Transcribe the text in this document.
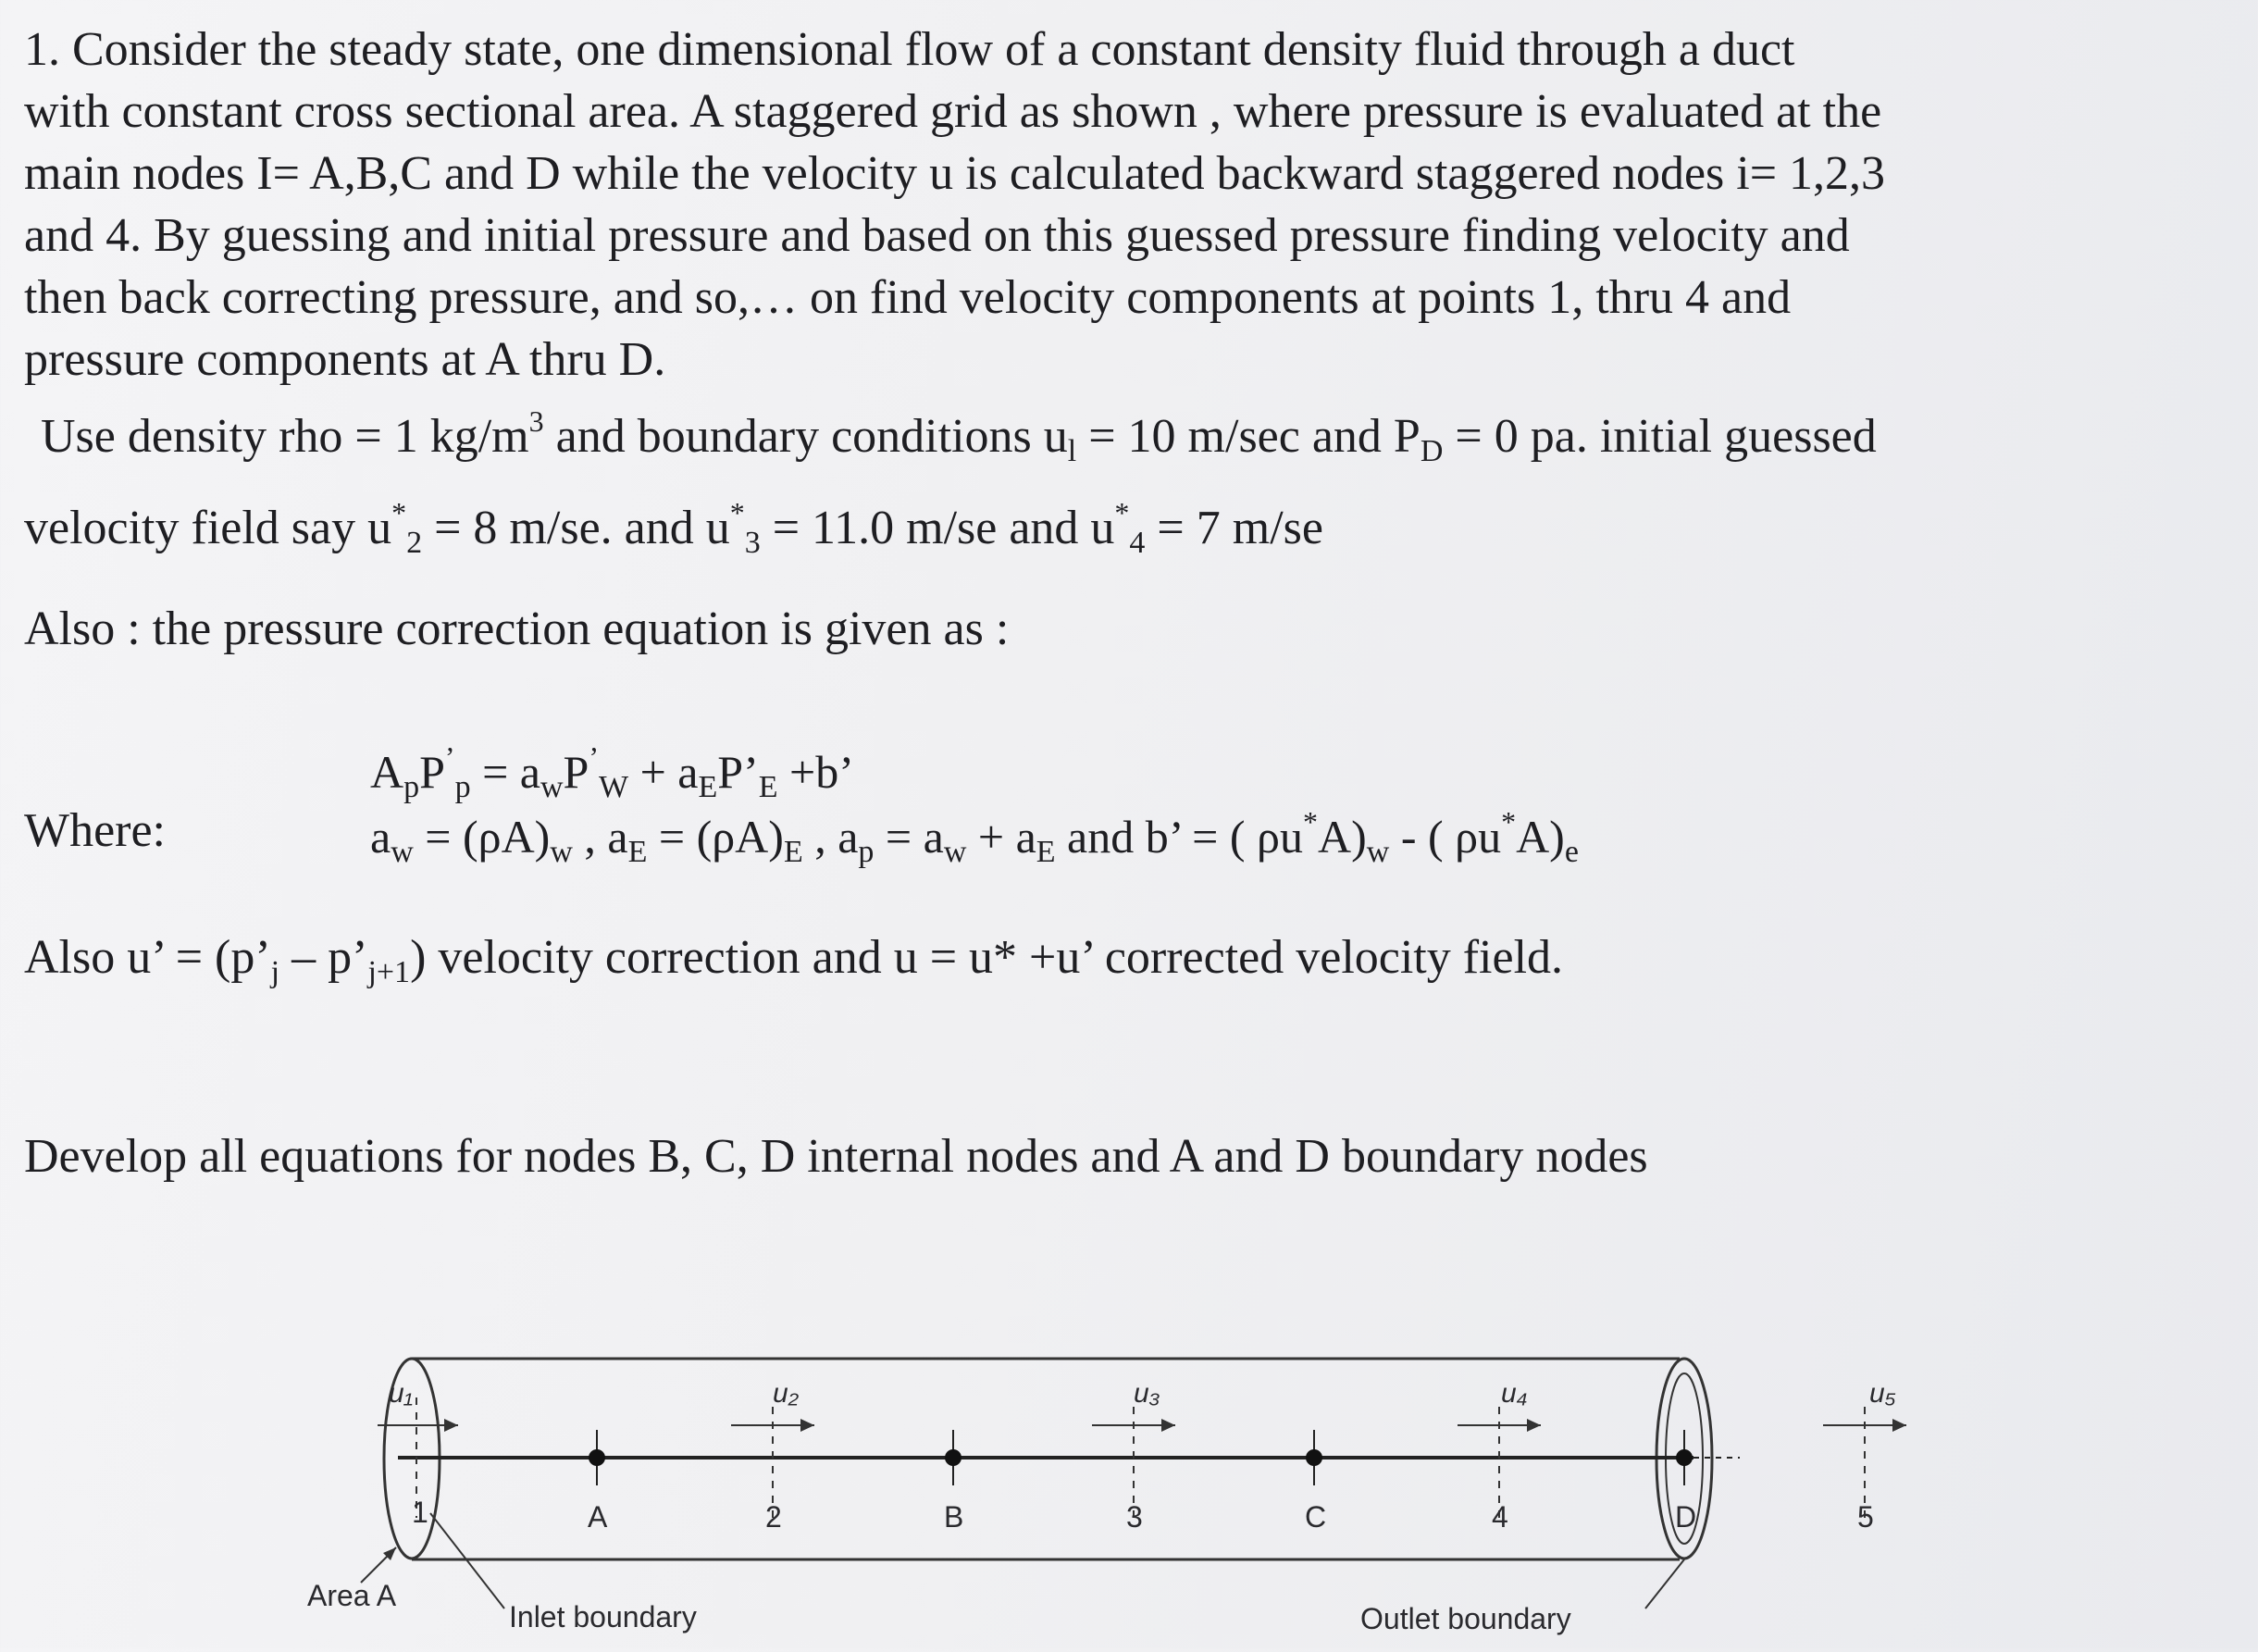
1. Consider the steady state, one dimensional flow of a constant density fluid through a duct

with constant cross sectional area. A staggered grid as shown , where pressure is evaluated at the

main nodes I= A,B,C and D while the velocity u is calculated backward staggered nodes i= 1,2,3

and 4. By guessing and initial pressure and based on this guessed pressure finding velocity and

then back correcting pressure, and so,… on find velocity components at points 1, thru 4 and

pressure components at A thru D.

Use density rho = 1 $kg/m^3$ and boundary conditions $u_l = 10$ m/sec and $P_D = 0$ pa. initial guessed

velocity field say $u^*_2 = 8$ m/se. and $u^*_3 = 11.0$ m/se and $u^*_4 = 7$ m/se

Also : the pressure correction equation is given as :
Where:
$A_pP^’_p = a_wP^’_W$ + $a_EP’_E +b$’
$a_w = (\rho A)_w$ , $a_E = (\rho A)_E$ , $a_p = a_w + a_E$ and b’ = ( $\rho u^*A)_w$ - ( $\rho u^*A)_e$
Also u’ = ($p’_j$ – $p’_{j+1}$) velocity correction and u = u* +u’ corrected velocity field.
Develop all equations for nodes B, C, D internal nodes and A and D boundary nodes
A	B	C	D
u₁
1
u₂
2
u₃
3
u₄
4
u₅
5
Area A
Inlet boundary	Outlet boundary
